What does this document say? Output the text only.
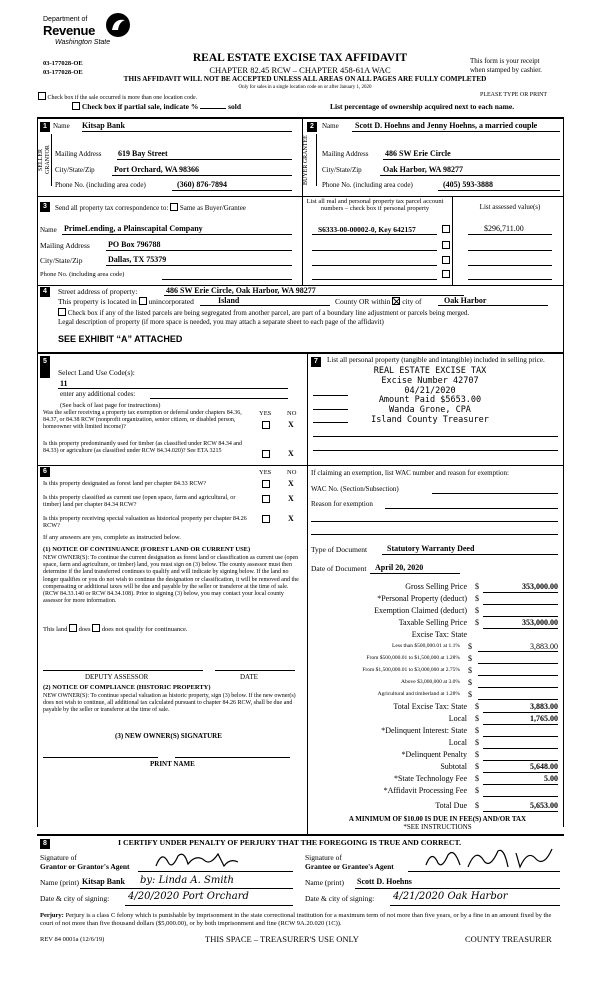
Department of
Revenue
Washington State
03-177028-OE
03-177028-OE
REAL ESTATE EXCISE TAX AFFIDAVIT
CHAPTER 82.45 RCW – CHAPTER 458-61A WAC
This form is your receipt
when stamped by cashier.
THIS AFFIDAVIT WILL NOT BE ACCEPTED UNLESS ALL AREAS ON ALL PAGES ARE FULLY COMPLETED
Only for sales in a single location code on or after January 1, 2020
Check box if the sale occurred is more than one location code.	PLEASE TYPE OR PRINT
Check box if partial sale, indicate %	sold	List percentage of ownership acquired next to each name.
1 Name Kitsap Bank
SELLER GRANTOR Mailing Address 619 Bay Street
City/State/Zip Port Orchard, WA 98366
Phone No. (including area code)	(360) 876-7894
2	Name Scott D. Hoehns and Jenny Hoehns, a married couple
BUYER GRANTEE	Mailing Address 486 SW Erie Circle
City/State/Zip	Oak Harbor, WA 98277
Phone No. (including area code)	(405) 593-3888
3	Send all property tax correspondence to: Same as Buyer/Grantee
Name PrimeLending, a Plainscapital Company
Mailing Address PO Box 796788
City/State/Zip	Dallas, TX 75379
Phone No. (including area code)
List all real and personal property tax parcel account numbers – check box if personal property	List assessed value(s)
S6333-00-00002-0, Key 642157	$296,711.00
4	Street address of property:	486 SW Erie Circle, Oak Harbor, WA 98277
This property is located in unincorporated	Island	County OR within city of	Oak Harbor
Check box if any of the listed parcels are being segregated from another parcel, are part of a boundary line adjustment or parcels being merged.
Legal description of property (if more space is needed, you may attach a separate sheet to each page of the affidavit)
SEE EXHIBIT “A” ATTACHED
5
Select Land Use Code(s):
11
enter any additional codes:
(See back of last page for instructions)
YES NO
Was the seller receiving a property tax exemption or deferral under chapters 84.36, 84.37, or 84.38 RCW (nonprofit organization, senior citizen, or disabled person, homeowner with limited income)?	X
Is this property predominantly used for timber (as classified under RCW 84.34 and 84.33) or agriculture (as classified under RCW 84.34.020)? See ETA 3215	X
6	YES NO
Is this property designated as forest land per chapter 84.33 RCW?	X
Is this property classified as current use (open space, farm and agricultural, or timber) land per chapter 84.34 RCW?
X
Is this property receiving special valuation as historical property per chapter 84.26 RCW?
X
If any answers are yes, complete as instructed below.
(1) NOTICE OF CONTINUANCE (FOREST LAND OR CURRENT USE)
NEW OWNER(S): To continue the current designation as forest land or classification as current use (open space, farm and agriculture, or timber) land, you must sign on (3) below. The county assessor must then determine if the land transferred continues to qualify and will indicate by signing below. If the land no longer qualifies or you do not wish to continue the designation or classification, it will be removed and the compensating or additional taxes will be due and payable by the seller or transferor at the time of sale. (RCW 84.33.140 or RCW 84.34.108). Prior to signing (3) below, you may contact your local county assessor for more information.
This land does does not qualify for continuance.
DEPUTY ASSESSOR	DATE
(2) NOTICE OF COMPLIANCE (HISTORIC PROPERTY)
NEW OWNER(S): To continue special valuation as historic property, sign (3) below. If the new owner(s) does not wish to continue, all additional tax calculated pursuant to chapter 84.26 RCW, shall be due and payable by the seller or transferor at the time of sale.
(3) NEW OWNER(S) SIGNATURE
PRINT NAME
7	List all personal property (tangible and intangible) included in selling price.
REAL ESTATE EXCISE TAX
Excise Number 42707
04/21/2020
Amount Paid $5653.00
Wanda Grone, CPA
Island County Treasurer
If claiming an exemption, list WAC number and reason for exemption:
WAC No. (Section/Subsection)
Reason for exemption
Type of Document Statutory Warranty Deed
Date of Document April 20, 2020
Gross Selling Price $	353,000.00
*Personal Property (deduct) $
Exemption Claimed (deduct) $
Taxable Selling Price $	353,000.00
Excise Tax: State
Less than $500,000.01 at 1.1% $	3,883.00
From $500,000.01 to $1,500,000 at 1.28% $
From $1,500,000.01 to $3,000,000 at 2.75% $
Above $3,000,000 at 3.0% $
Agricultural and timberland at 1.28% $
Total Excise Tax: State $	3,883.00
Local $	1,765.00
*Delinquent Interest: State $
Local $
*Delinquent Penalty $
Subtotal $	5,648.00
*State Technology Fee $	5.00
*Affidavit Processing Fee $
Total Due $	5,653.00
A MINIMUM OF $10.00 IS DUE IN FEE(S) AND/OR TAX
*SEE INSTRUCTIONS
8	I CERTIFY UNDER PENALTY OF PERJURY THAT THE FOREGOING IS TRUE AND CORRECT.
Signature of
Grantor or Grantor's Agent
Signature of
Grantee or Grantee's Agent
Name (print) Kitsap Bank by: Linda A. Smith	Name (print) Scott D. Hoehns
Date & city of signing: 4/20/2020 Port Orchard	Date & city of signing: 4/21/2020 Oak Harbor
Perjury: Perjury is a class C felony which is punishable by imprisonment in the state correctional institution for a maximum term of not more than five years, or by a fine in an amount fixed by the court of not more than five thousand dollars ($5,000.00), or by both imprisonment and fine (RCW 9A.20.020 (1C)).
REV 84 0001a (12/6/19)	THIS SPACE – TREASURER'S USE ONLY	COUNTY TREASURER
